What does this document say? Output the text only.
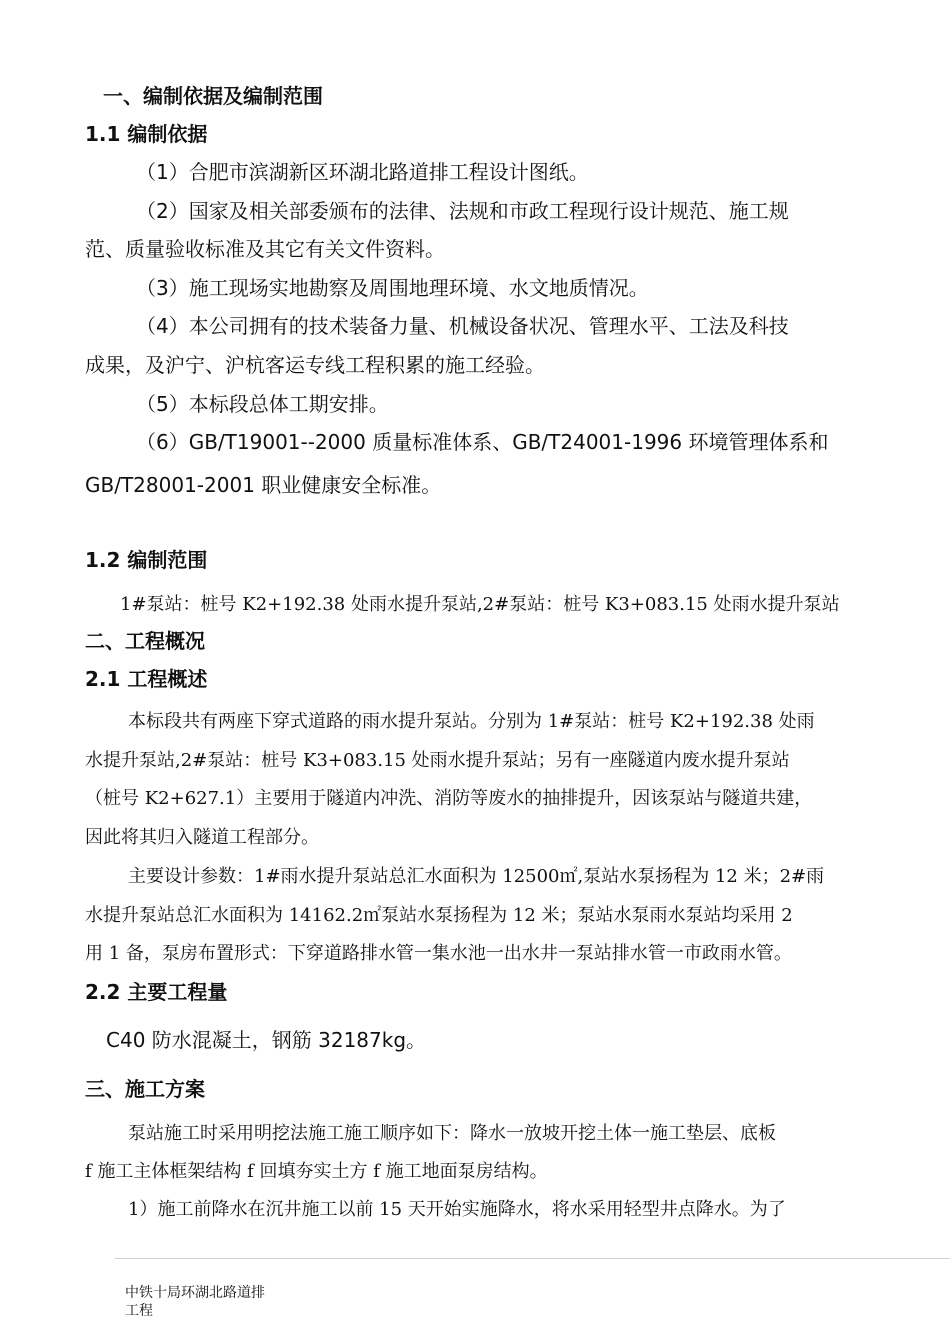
一、编制依据及编制范围
1.1 编制依据
（1）合肥市滨湖新区环湖北路道排工程设计图纸。
（2）国家及相关部委颁布的法律、法规和市政工程现行设计规范、施工规
范、质量验收标准及其它有关文件资料。
（3）施工现场实地勘察及周围地理环境、水文地质情况。
（4）本公司拥有的技术装备力量、机械设备状况、管理水平、工法及科技
成果，及沪宁、沪杭客运专线工程积累的施工经验。
（5）本标段总体工期安排。
（6）GB/T19001--2000 质量标准体系、GB/T24001-1996 环境管理体系和
GB/T28001-2001 职业健康安全标准。
1.2 编制范围
1#泵站：桩号 K2+192.38 处雨水提升泵站,2#泵站：桩号 K3+083.15 处雨水提升泵站
二、工程概况
2.1 工程概述
本标段共有两座下穿式道路的雨水提升泵站。分别为 1#泵站：桩号 K2+192.38 处雨
水提升泵站,2#泵站：桩号 K3+083.15 处雨水提升泵站；另有一座隧道内废水提升泵站
（桩号 K2+627.1）主要用于隧道内冲洗、消防等废水的抽排提升，因该泵站与隧道共建，
因此将其归入隧道工程部分。
主要设计参数：1#雨水提升泵站总汇水面积为 12500㎡,泵站水泵扬程为 12 米；2#雨
水提升泵站总汇水面积为 14162.2㎡泵站水泵扬程为 12 米；泵站水泵雨水泵站均采用 2
用 1 备，泵房布置形式：下穿道路排水管一集水池一出水井一泵站排水管一市政雨水管。
2.2 主要工程量
C40 防水混凝土，钢筋 32187kg。
三、施工方案
泵站施工时采用明挖法施工施工顺序如下：降水一放坡开挖土体一施工垫层、底板
f 施工主体框架结构 f 回填夯实土方 f 施工地面泵房结构。
1）施工前降水在沉井施工以前 15 天开始实施降水，将水采用轻型井点降水。为了
中铁十局环湖北路道排
工程
